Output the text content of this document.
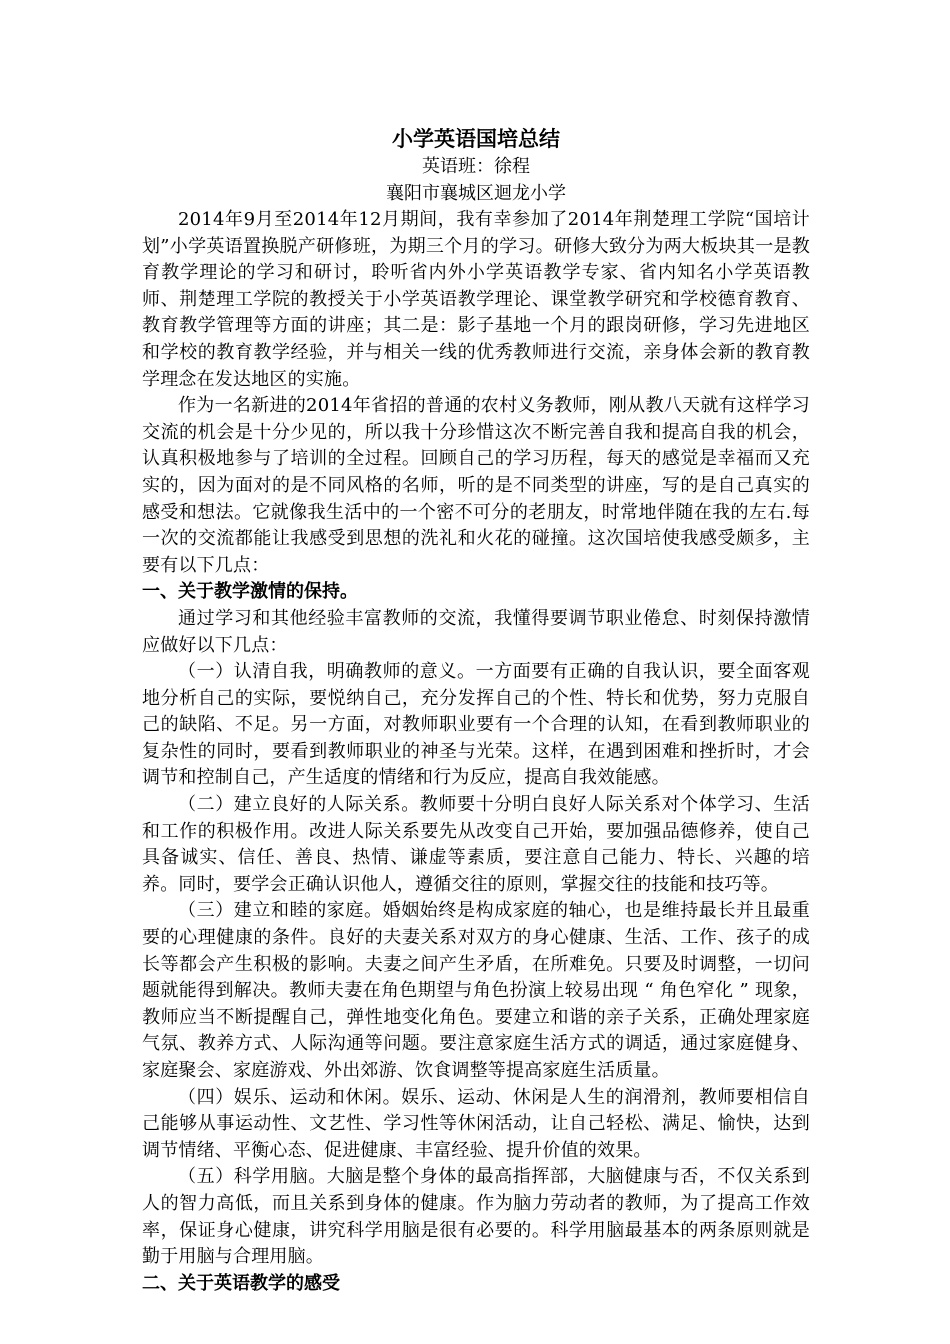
小学英语国培总结

英语班：徐程

襄阳市襄城区迴龙小学

2014年9月至2014年12月期间，我有幸参加了2014年荆楚理工学院“国培计划”小学英语置换脱产研修班，为期三个月的学习。研修大致分为两大板块其一是教育教学理论的学习和研讨，聆听省内外小学英语教学专家、省内知名小学英语教师、荆楚理工学院的教授关于小学英语教学理论、课堂教学研究和学校德育教育、教育教学管理等方面的讲座；其二是：影子基地一个月的跟岗研修，学习先进地区和学校的教育教学经验，并与相关一线的优秀教师进行交流，亲身体会新的教育教学理念在发达地区的实施。

作为一名新进的2014年省招的普通的农村义务教师，刚从教八天就有这样学习交流的机会是十分少见的，所以我十分珍惜这次不断完善自我和提高自我的机会，认真积极地参与了培训的全过程。回顾自己的学习历程，每天的感觉是幸福而又充实的，因为面对的是不同风格的名师，听的是不同类型的讲座，写的是自己真实的感受和想法。它就像我生活中的一个密不可分的老朋友，时常地伴随在我的左右.每一次的交流都能让我感受到思想的洗礼和火花的碰撞。这次国培使我感受颇多，主要有以下几点：

一、关于教学激情的保持。

通过学习和其他经验丰富教师的交流，我懂得要调节职业倦怠、时刻保持激情应做好以下几点：

（一）认清自我，明确教师的意义。一方面要有正确的自我认识，要全面客观地分析自己的实际，要悦纳自己，充分发挥自己的个性、特长和优势，努力克服自己的缺陷、不足。另一方面，对教师职业要有一个合理的认知，在看到教师职业的复杂性的同时，要看到教师职业的神圣与光荣。这样，在遇到困难和挫折时，才会调节和控制自己，产生适度的情绪和行为反应，提高自我效能感。

（二）建立良好的人际关系。教师要十分明白良好人际关系对个体学习、生活和工作的积极作用。改进人际关系要先从改变自己开始，要加强品德修养，使自己具备诚实、信任、善良、热情、谦虚等素质，要注意自己能力、特长、兴趣的培养。同时，要学会正确认识他人，遵循交往的原则，掌握交往的技能和技巧等。

（三）建立和睦的家庭。婚姻始终是构成家庭的轴心，也是维持最长并且最重要的心理健康的条件。良好的夫妻关系对双方的身心健康、生活、工作、孩子的成长等都会产生积极的影响。夫妻之间产生矛盾，在所难免。只要及时调整，一切问题就能得到解决。教师夫妻在角色期望与角色扮演上较易出现 “ 角色窄化 ” 现象，教师应当不断提醒自己，弹性地变化角色。要建立和谐的亲子关系，正确处理家庭气氛、教养方式、人际沟通等问题。要注意家庭生活方式的调适，通过家庭健身、家庭聚会、家庭游戏、外出郊游、饮食调整等提高家庭生活质量。

（四）娱乐、运动和休闲。娱乐、运动、休闲是人生的润滑剂，教师要相信自己能够从事运动性、文艺性、学习性等休闲活动，让自己轻松、满足、愉快，达到调节情绪、平衡心态、促进健康、丰富经验、提升价值的效果。

（五）科学用脑。大脑是整个身体的最高指挥部，大脑健康与否，不仅关系到人的智力高低，而且关系到身体的健康。作为脑力劳动者的教师，为了提高工作效率，保证身心健康，讲究科学用脑是很有必要的。科学用脑最基本的两条原则就是勤于用脑与合理用脑。

二、关于英语教学的感受
